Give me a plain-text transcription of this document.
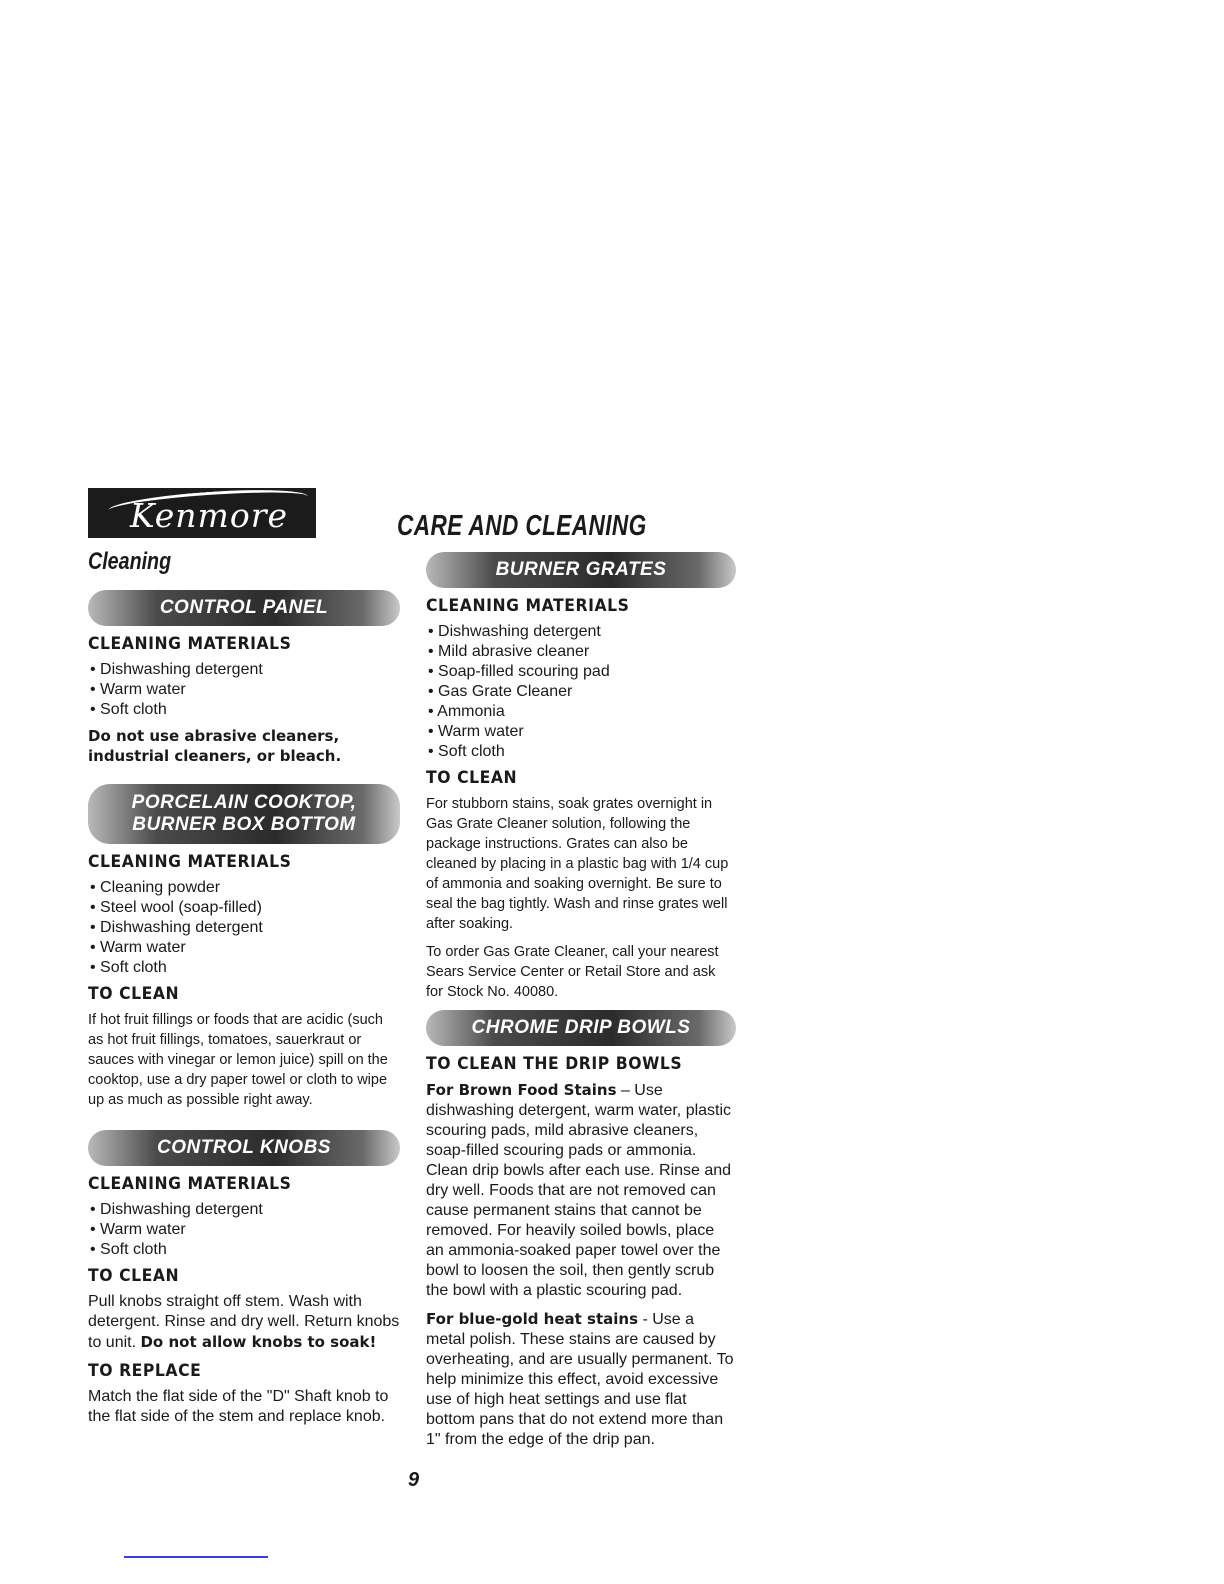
Kenmore	CARE AND CLEANING
Cleaning
CONTROL PANEL
CLEANING MATERIALS
• Dishwashing detergent
• Warm water
• Soft cloth
Do not use abrasive cleaners, industrial cleaners, or bleach.
PORCELAIN COOKTOP,
BURNER BOX BOTTOM
CLEANING MATERIALS
• Cleaning powder
• Steel wool (soap-filled)
• Dishwashing detergent
• Warm water
• Soft cloth
TO CLEAN

If hot fruit fillings or foods that are acidic (such as hot fruit fillings, tomatoes, sauerkraut or sauces with vinegar or lemon juice) spill on the cooktop, use a dry paper towel or cloth to wipe up as much as possible right away.

CONTROL KNOBS
CLEANING MATERIALS
• Dishwashing detergent
• Warm water
• Soft cloth
TO CLEAN

Pull knobs straight off stem. Wash with detergent. Rinse and dry well. Return knobs to unit. Do not allow knobs to soak!

TO REPLACE

Match the flat side of the "D" Shaft knob to the flat side of the stem and replace knob.

BURNER GRATES
CLEANING MATERIALS
• Dishwashing detergent
• Mild abrasive cleaner
• Soap-filled scouring pad
• Gas Grate Cleaner
• Ammonia
• Warm water
• Soft cloth
TO CLEAN

For stubborn stains, soak grates overnight in Gas Grate Cleaner solution, following the package instructions. Grates can also be cleaned by placing in a plastic bag with 1/4 cup of ammonia and soaking overnight. Be sure to seal the bag tightly. Wash and rinse grates well after soaking.

To order Gas Grate Cleaner, call your nearest Sears Service Center or Retail Store and ask for Stock No. 40080.

CHROME DRIP BOWLS
TO CLEAN THE DRIP BOWLS

For Brown Food Stains – Use dishwashing detergent, warm water, plastic scouring pads, mild abrasive cleaners, soap-filled scouring pads or ammonia. Clean drip bowls after each use. Rinse and dry well. Foods that are not removed can cause permanent stains that cannot be removed. For heavily soiled bowls, place an ammonia-soaked paper towel over the bowl to loosen the soil, then gently scrub the bowl with a plastic scouring pad.

For blue-gold heat stains - Use a metal polish. These stains are caused by overheating, and are usually permanent. To help minimize this effect, avoid excessive use of high heat settings and use flat bottom pans that do not extend more than 1" from the edge of the drip pan.

9
